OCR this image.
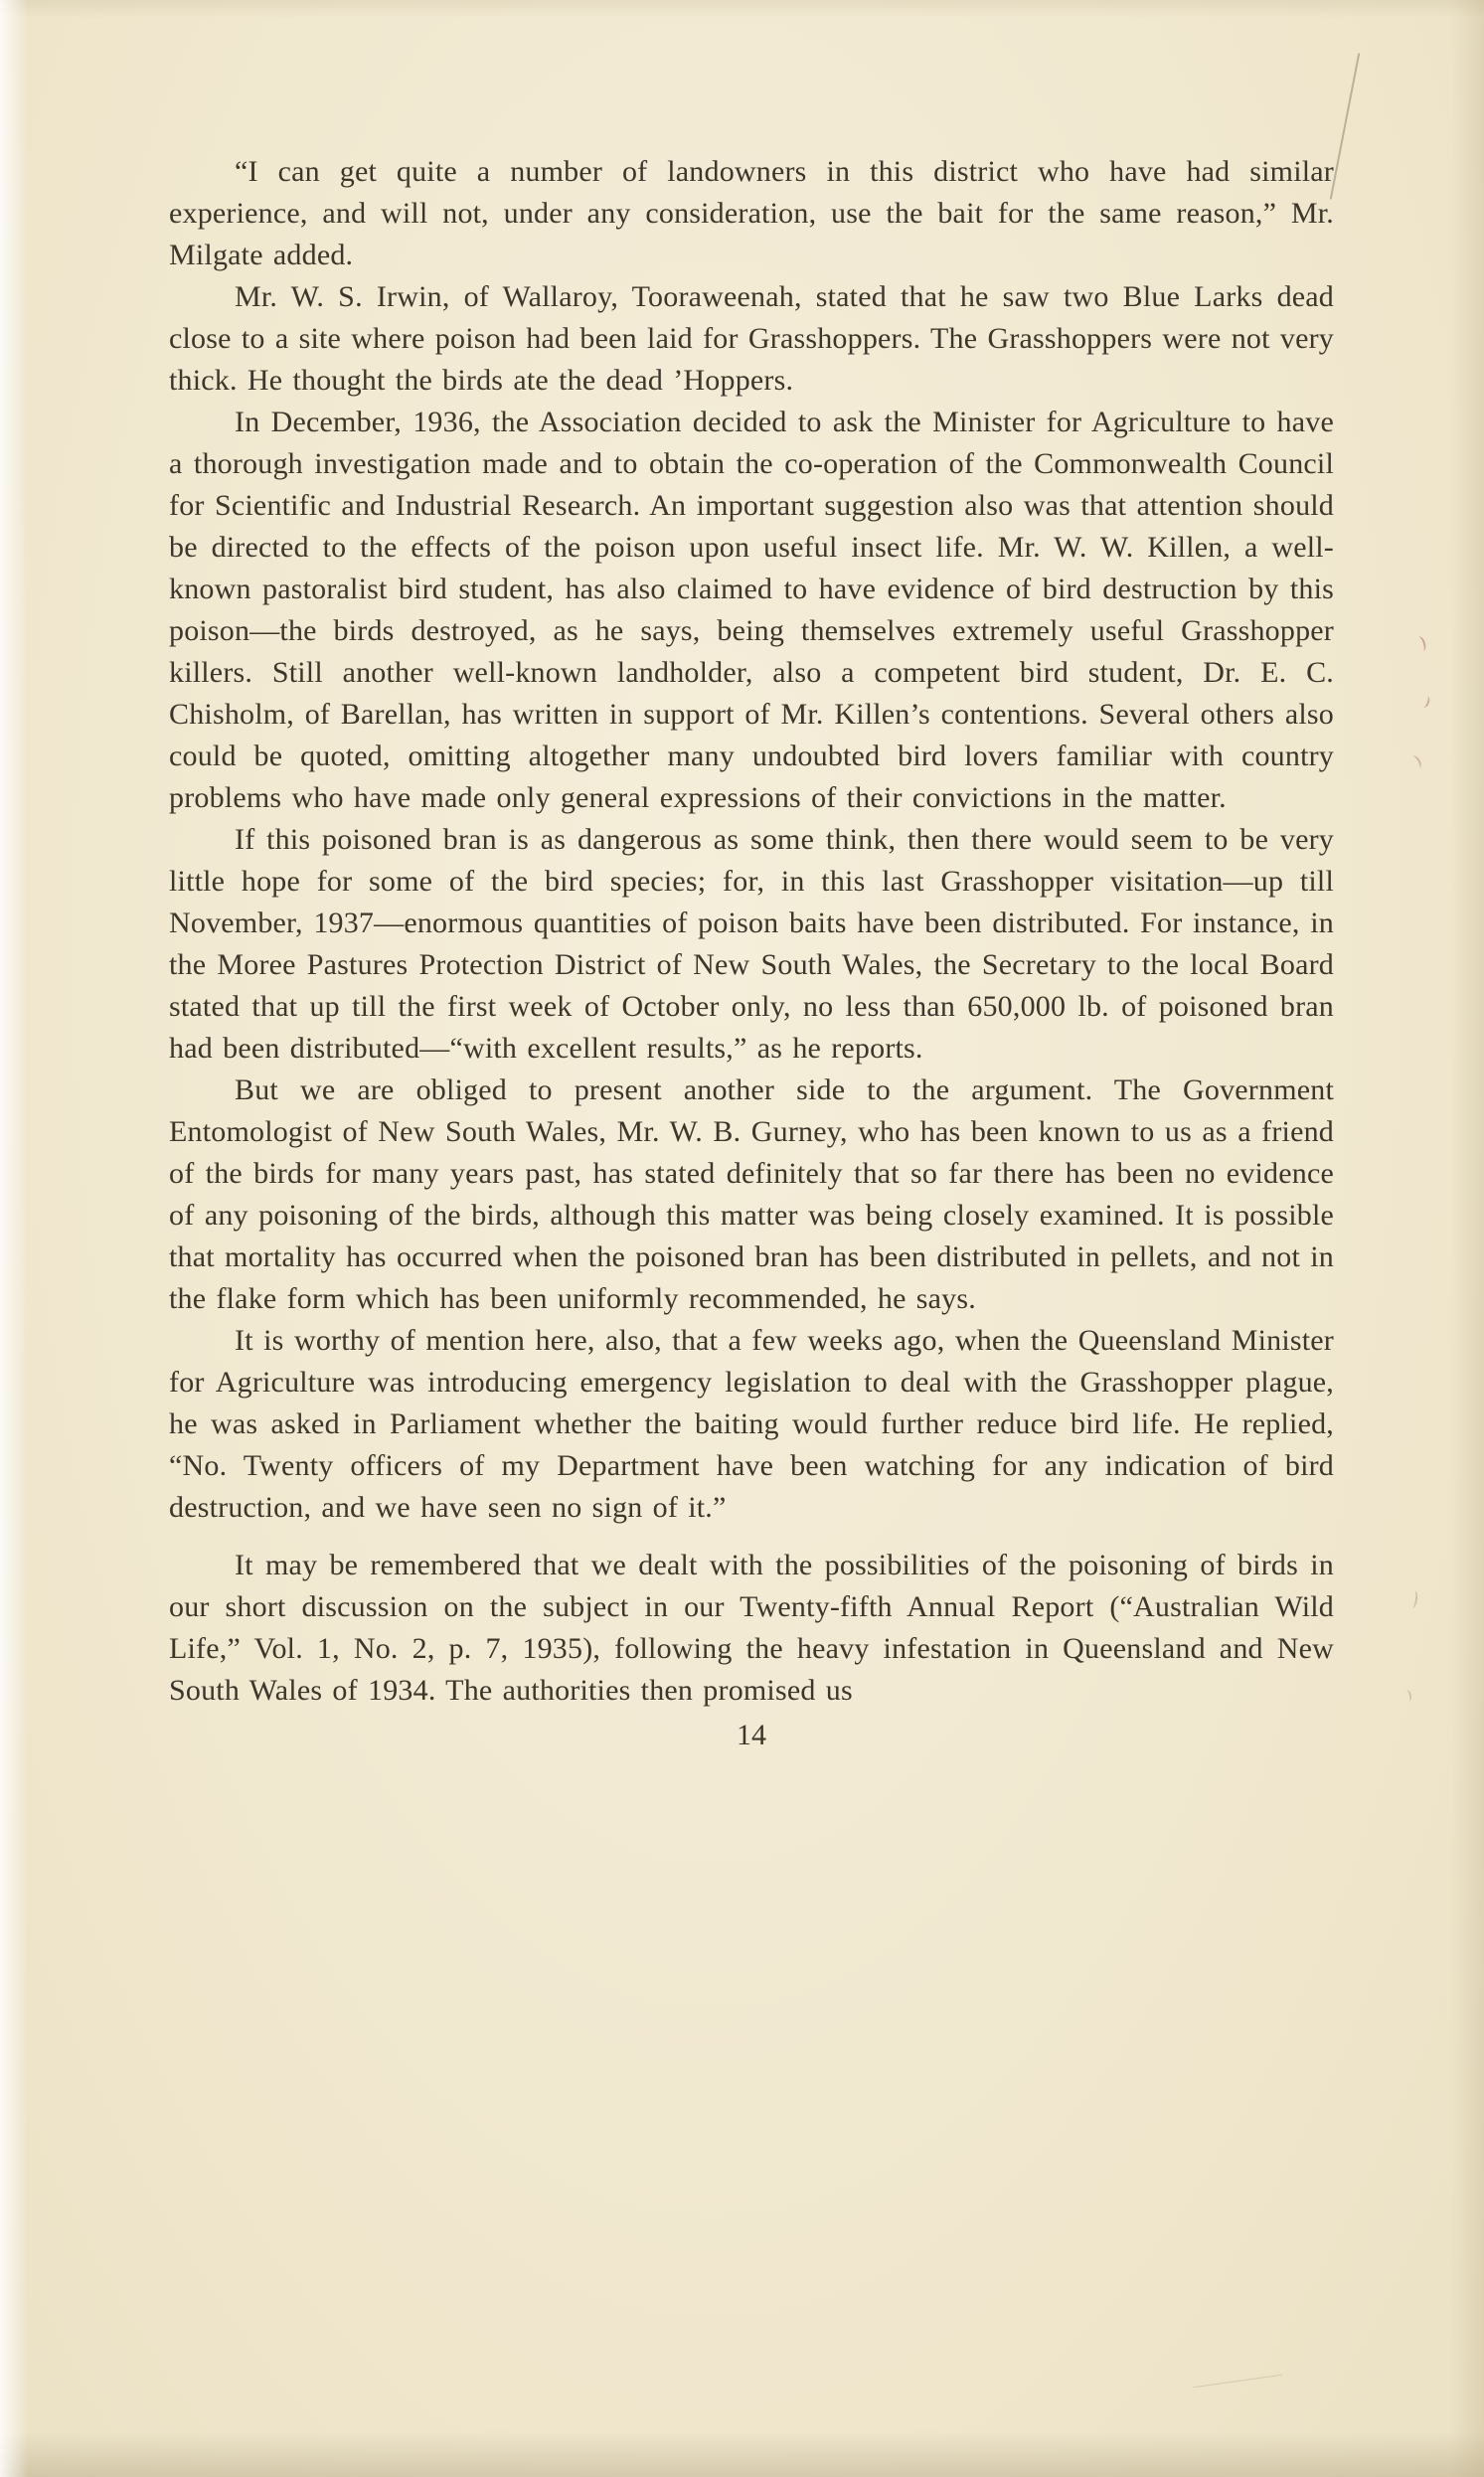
“I can get quite a number of landowners in this district who have had similar experience, and will not, under any consideration, use the bait for the same reason,” Mr. Milgate added.

Mr. W. S. Irwin, of Wallaroy, Tooraweenah, stated that he saw two Blue Larks dead close to a site where poison had been laid for Grasshoppers. The Grasshoppers were not very thick. He thought the birds ate the dead ’Hoppers.

In December, 1936, the Association decided to ask the Minister for Agriculture to have a thorough investigation made and to obtain the co-operation of the Commonwealth Council for Scientific and Industrial Research. An important suggestion also was that attention should be directed to the effects of the poison upon useful insect life. Mr. W. W. Killen, a well-known pastoralist bird student, has also claimed to have evidence of bird destruction by this poison—the birds destroyed, as he says, being themselves extremely useful Grasshopper killers. Still another well-known landholder, also a competent bird student, Dr. E. C. Chisholm, of Barellan, has written in support of Mr. Killen’s contentions. Several others also could be quoted, omitting altogether many undoubted bird lovers familiar with country problems who have made only general expressions of their convictions in the matter.

If this poisoned bran is as dangerous as some think, then there would seem to be very little hope for some of the bird species; for, in this last Grasshopper visitation—up till November, 1937—enormous quantities of poison baits have been distributed. For instance, in the Moree Pastures Protection District of New South Wales, the Secretary to the local Board stated that up till the first week of October only, no less than 650,000 lb. of poisoned bran had been distributed—“with excellent results,” as he reports.

But we are obliged to present another side to the argument. The Government Entomologist of New South Wales, Mr. W. B. Gurney, who has been known to us as a friend of the birds for many years past, has stated definitely that so far there has been no evidence of any poisoning of the birds, although this matter was being closely examined. It is possible that mortality has occurred when the poisoned bran has been distributed in pellets, and not in the flake form which has been uniformly recommended, he says.

It is worthy of mention here, also, that a few weeks ago, when the Queensland Minister for Agriculture was introducing emergency legislation to deal with the Grasshopper plague, he was asked in Parliament whether the baiting would further reduce bird life. He replied, “No. Twenty officers of my Department have been watching for any indication of bird destruction, and we have seen no sign of it.”

It may be remembered that we dealt with the possibilities of the poisoning of birds in our short discussion on the subject in our Twenty-fifth Annual Report (“Australian Wild Life,” Vol. 1, No. 2, p. 7, 1935), following the heavy infestation in Queensland and New South Wales of 1934. The authorities then promised us

14
